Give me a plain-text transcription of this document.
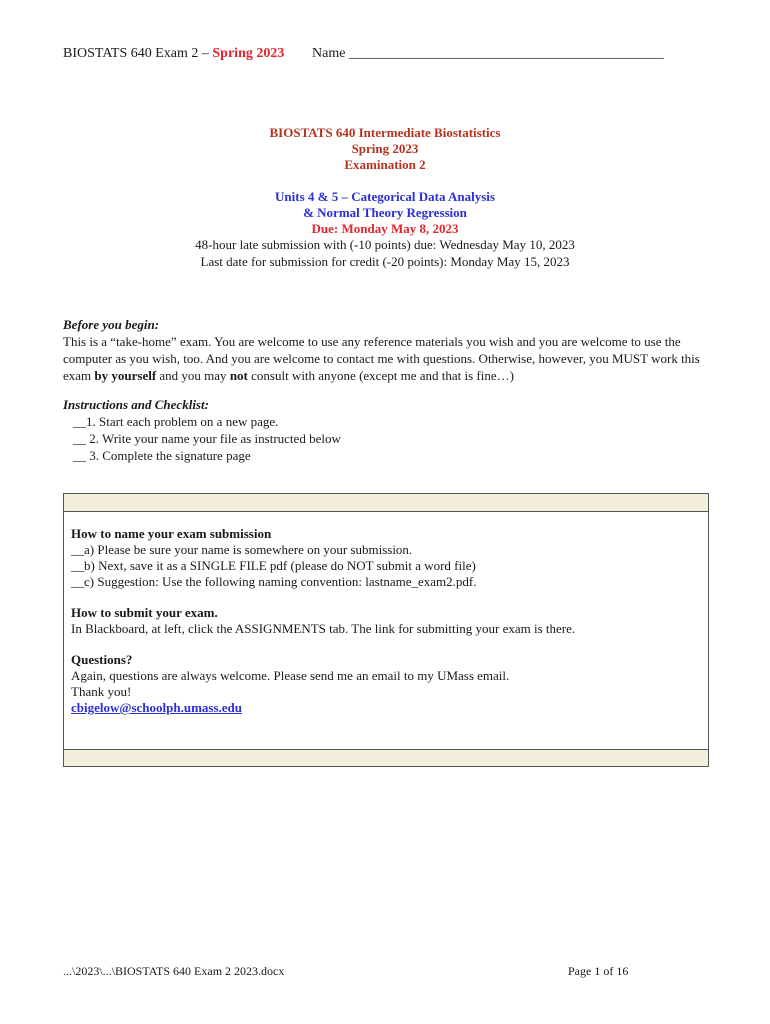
BIOSTATS 640 Exam 2 – Spring 2023 Name _____________________________________________
BIOSTATS 640 Intermediate Biostatistics
Spring 2023
Examination 2
Units 4 & 5 – Categorical Data Analysis
& Normal Theory Regression
Due: Monday May 8, 2023
48-hour late submission with (-10 points) due: Wednesday May 10, 2023
Last date for submission for credit (-20 points): Monday May 15, 2023
Before you begin:
This is a “take-home” exam. You are welcome to use any reference materials you wish and you are welcome to use the computer as you wish, too. And you are welcome to contact me with questions. Otherwise, however, you MUST work this exam by yourself and you may not consult with anyone (except me and that is fine…)
Instructions and Checklist:
__1. Start each problem on a new page.
__ 2. Write your name your file as instructed below
__ 3. Complete the signature page
How to name your exam submission
__a) Please be sure your name is somewhere on your submission.
__b) Next, save it as a SINGLE FILE pdf (please do NOT submit a word file)
__c) Suggestion: Use the following naming convention: lastname_exam2.pdf.
How to submit your exam.
In Blackboard, at left, click the ASSIGNMENTS tab. The link for submitting your exam is there.
Questions?
Again, questions are always welcome. Please send me an email to my UMass email.
Thank you!
cbigelow@schoolph.umass.edu
...\2023\...\BIOSTATS 640 Exam 2 2023.docx	Page 1 of 16
